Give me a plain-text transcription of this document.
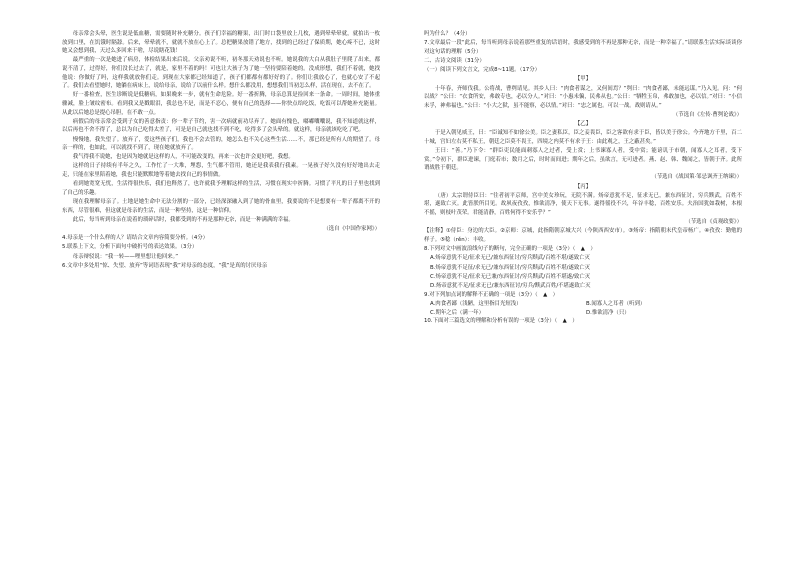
母亲常会头晕，医生说是低血糖，需要随时补充糖分。孩子们幸福的糖果，出门时口袋里放上几枚，遇到晕晕晕就，就拍出一枚放到口里，在饥饿时隔舔。后来，晕晕就不，就就不放在心上了。总把糖果放错了地方，找到的已经过了保质期，她心疼不已，这时她又会想到我，天过么多回来干啥，尽说瞎花钱！

最严重的一次是她进了病房，体检结果出来后说。父亲劝说不听，初冬那天劝说也不听。她说我的大白从我肚子里爬了出来，都说不清了，过得好，你们没长过去了，就是，家里不着的吗！可也让大孩子为了她一坚持要陪着她的。没成形想，我们不着就，她找他说：你做好了吗，这样我就放你们走。到现在大家都已经知道了，孩子们都都有都好好的了。你们让我放心了，也就心安了不起了。我们去看望她时，她躺在病床上，说给母亲，说给了以前什么样。想什么都没用，想想我们当初怎么样，活在现在，去不在了。

好一番检查，医生诊断说是低糖病，如果晚来一步，就有生命危险。好一番折腾，母亲总算是捡回来一条命。一周时间，她体重骤减，脸上皱纹密布。看到我又是戳眼泪，我总也不是，而是不忍心，便有自己的选择——你快点给吃饭，吃饭可以帮她补充能量。从此以后她总是提心吊胆，在不敢一点。

病假后的母亲常会受到子女的善意指责：你一辈子节约，害一次病就前功尽弃了。她面有愧色，嘟嘟囔囔说，我不知道就这样，以后再也不舍不得了，总以为自己吃得太差了，可是是自己就也找不到不吃，吃得多了会头晕的。就这样，母亲就该吃吃了吧。

慢慢地，我失望了。放弃了，爱这些孩子们，我也不会去管的，她怎么也不关心这些生活……不，那已经是所有人的期望了。母亲一样的，也如此，可以就找不到了，现在她就放弃了。

我气得我不说她，也是因为她就是这样的人，不可能改变的，再来一次也许会更好吧，我想。

这样的日子持续有半年之久，工作忙了一大堆，埋怨，生气都不管用，她还是我表我行我素。一晃孩子好久没有好好地出去走走，只能在家里陪着她，我也只能默默地等着她去找自己的事情做。

看到她宽宽无忧，生活得很快乐，我们也释然了，也许就我予理解这样的生活，习惯在现实中折腾。习惯了平凡的日子里也找到了自己的乐趣。

现在我理解母亲了。土地是她生命中无法分割的一部分，已经深深融入到了她的骨血里，我要说的不是想要有一辈子都离不开的东西，尽管很难，但这就是母亲的生活，而是一种坚持，这是一种信仰。

此后，每当听到母亲在说着的琐碎话时，我都受到的不再是那种无奈，而是一种满满的幸福。

（选自《中国作家网》）

4.母亲是一个什么样的人？请结合文章内容简要分析。（4分）

5.联系上下文，分析下面句中破折号的表达效果。（3分）

母亲辩驳说：“我一转——哩里想让他回来。”

6.文章中多处用“惊、失望、放弃”等词语表现“我”对母亲的态度，“我”是真的讨厌母亲

吗为什么？（4分）

7.文章最后一段“此后，每当听到母亲说着那些重复的话语时，我感受到的不再是那种无奈，而是一种幸福了。”请联系生活实际谈谈你对这句话的理解（5分）

二、古诗文阅读（31分）

（一）阅读下列文言文，完成8~11题。（17分）

【甲】

十年春，齐师伐我。公将战，曹刿请见。其乡人曰：“肉食者谋之，又何间焉？”刿曰：“肉食者鄙，未能远谋。”乃入见。问：“何以战？”公曰：“衣食所安，弗敢专也，必以分人。”对曰：“小惠未徧，民弗从也。”公曰：“牺牲玉帛，弗敢加也，必以信。”对曰：“小信未孚，神弗福也。”公曰：“小大之狱，虽不能察，必以情。”对曰：“忠之属也。可以一战。战则请从。”

（节选自《左传·曹刿论战》）

【乙】

于是入朝见威王，曰：“臣诚知不如徐公美。臣之妻私臣，臣之妾畏臣，臣之客欲有求于臣，皆以美于徐公。今齐地方千里，百二十城，宫妇左右莫不私王，朝廷之臣莫不畏王，四境之内莫不有求于王：由此观之，王之蔽甚矣。”

王曰：“善。”乃下令：“群臣吏民能面刺寡人之过者，受上赏；上书谏寡人者，受中赏；能谤讥于市朝，闻寡人之耳者，受下赏。”令初下，群臣进谏，门庭若市；数月之后，时时而间进；期年之后，虽欲言，无可进者。燕、赵、韩、魏闻之，皆朝于齐。此所谓战胜于朝廷。

（节选自《战国策·邹忌讽齐王纳谏》）

【丙】

（唐）太宗谓侍臣曰：“往者初平京师，宫中美女珍玩，无院不满。炀帝意犹不足，征求无已，兼东西征讨，穷兵黩武，百姓不堪，遂致亡灭。此皆朕所目见。故夙夜孜孜，惟欲清净，使天下无事。遂得徭役不兴，年谷丰稔，百姓安乐。夫治国犹如栽树，本根不摇，则枝叶茂荣。君能清静，百姓何得不安乐乎？”

（节选自《贞观政要》）

【注释】①侍臣：身边的大臣。②京师：京城，此指隋朝京城大兴（今陕西西安市）。③炀帝：指隋朝末代皇帝杨广。④孜孜：勤勉的样子。⑤稔（rěn）：丰收。

8.下列对文中画波浪线句子的断句，完全正确的一项是（3分）（　▲　）

A.炀帝意犹不足/征求无已/兼东西征讨/穷兵黩武/百姓不堪/遂致亡灭

B.炀帝意犹不足征/求无已/兼东西征讨/穷兵黩武/百姓不堪/遂致亡灭

C.炀帝意犹不足/征求无已兼/东西征讨/穷兵黩武/百姓不堪遂/致亡灭

D.炀帝意犹不足/征求无已/兼东西征讨/穷兵/黩武百姓/不堪遂致亡灭

9.对下列加点词的解释不正确的一项是（3分）（　▲　）

A.肉食者鄙（浅陋，这里指目光短浅）	B.闻寡人之耳者（听到）
C.期年之后（满一年）	D.惟欲清净（只）

10.下面对三篇选文的理解和分析有误的一项是（3分）（　▲　）
